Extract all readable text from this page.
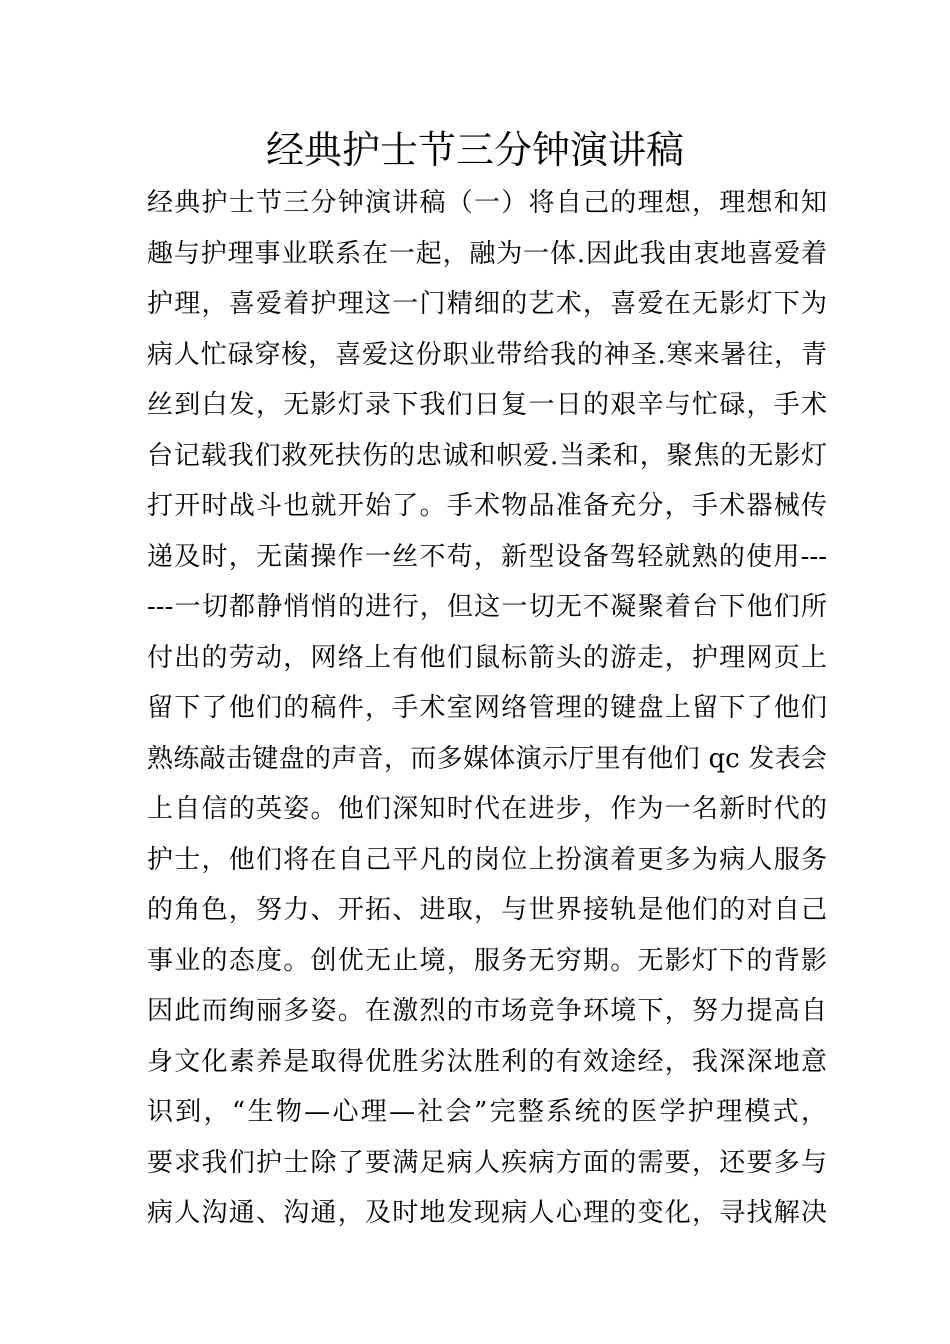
经典护士节三分钟演讲稿
经典护士节三分钟演讲稿（一）将自己的理想，理想和知
趣与护理事业联系在一起，融为一体.因此我由衷地喜爱着
护理，喜爱着护理这一门精细的艺术，喜爱在无影灯下为
病人忙碌穿梭，喜爱这份职业带给我的神圣.寒来暑往，青
丝到白发，无影灯录下我们日复一日的艰辛与忙碌，手术
台记载我们救死扶伤的忠诚和帜爱.当柔和，聚焦的无影灯
打开时战斗也就开始了。手术物品准备充分，手术器械传
递及时，无菌操作一丝不苟，新型设备驾轻就熟的使用---
---一切都静悄悄的进行，但这一切无不凝聚着台下他们所
付出的劳动，网络上有他们鼠标箭头的游走，护理网页上
留下了他们的稿件，手术室网络管理的键盘上留下了他们
熟练敲击键盘的声音，而多媒体演示厅里有他们 qc 发表会
上自信的英姿。他们深知时代在进步，作为一名新时代的
护士，他们将在自己平凡的岗位上扮演着更多为病人服务
的角色，努力、开拓、进取，与世界接轨是他们的对自己
事业的态度。创优无止境，服务无穷期。无影灯下的背影
因此而绚丽多姿。在激烈的市场竞争环境下，努力提高自
身文化素养是取得优胜劣汰胜利的有效途经，我深深地意
识到，“生物—心理—社会”完整系统的医学护理模式，
要求我们护士除了要满足病人疾病方面的需要，还要多与
病人沟通、沟通，及时地发现病人心理的变化，寻找解决
